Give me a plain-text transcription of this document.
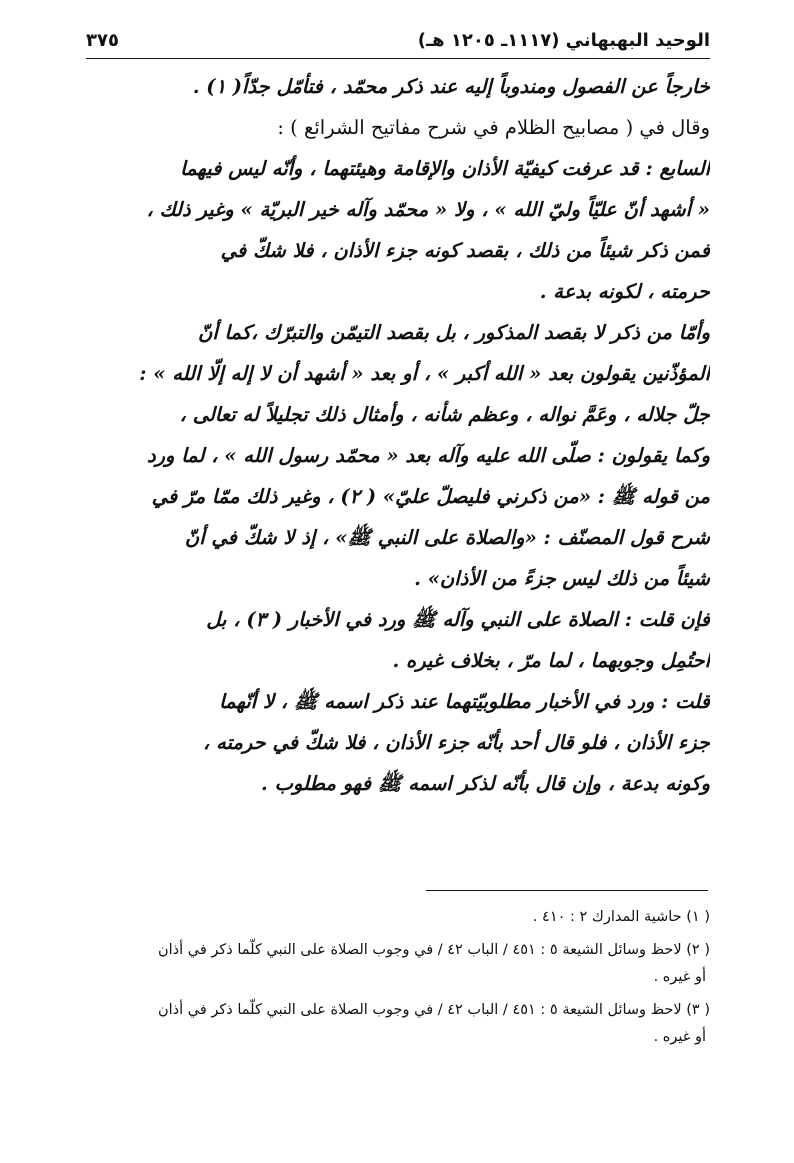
الوحيد البهبهاني (١١١٧ـ ١٢٠٥ هـ)
٣٧٥
خارجاً عن الفصول ومندوباً إليه عند ذكر محمّد ، فتأمّل جدّاً( ١) .
وقال في ( مصابيح الظلام في شرح مفاتيح الشرائع ) :
السابع : قد عرفت كيفيّة الأذان والإقامة وهيئتهما ، وأنّه ليس فيهما
« أشهد أنّ عليّاً وليّ الله » ، ولا « محمّد وآله خير البريّة » وغير ذلك ،
فمن ذكر شيئاً من ذلك ، بقصد كونه جزء الأذان ، فلا شكّ في
حرمته ، لكونه بدعة .
وأمّا من ذكر لا بقصد المذكور ، بل بقصد التيمّن والتبرّك ،كما أنّ
المؤذّنين يقولون بعد « الله أكبر » ، أو بعد « أشهد أن لا إله إلّا الله » :
جلّ جلاله ، وعَمَّ نواله ، وعظم شأنه ، وأمثال ذلك تجليلاً له تعالى ،
وكما يقولون : صلّى الله عليه وآله بعد « محمّد رسول الله » ، لما ورد
من قوله ﷺ : «من ذكرني فليصلّ عليّ» ( ٢) ، وغير ذلك ممّا مرّ في
شرح قول المصنّف : «والصلاة على النبي ﷺ» ، إذ لا شكّ في أنّ
شيئاً من ذلك ليس جزءً من الأذان» .
فإن قلت : الصلاة على النبي وآله ﷺ ورد في الأخبار ( ٣) ، بل
احتُمِل وجوبهما ، لما مرّ ، بخلاف غيره .
قلت : ورد في الأخبار مطلوبيّتهما عند ذكر اسمه ﷺ ، لا أنّهما
جزء الأذان ، فلو قال أحد بأنّه جزء الأذان ، فلا شكّ في حرمته ،
وكونه بدعة ، وإن قال بأنّه لذكر اسمه ﷺ فهو مطلوب .
( ١) حاشية المدارك ٢ : ٤١٠ .
( ٢) لاحظ وسائل الشيعة ٥ : ٤٥١ / الباب ٤٢ / في وجوب الصلاة على النبي كلّما ذكر في أذان
أو غيره .
( ٣) لاحظ وسائل الشيعة ٥ : ٤٥١ / الباب ٤٢ / في وجوب الصلاة على النبي كلّما ذكر في أذان
أو غيره .
